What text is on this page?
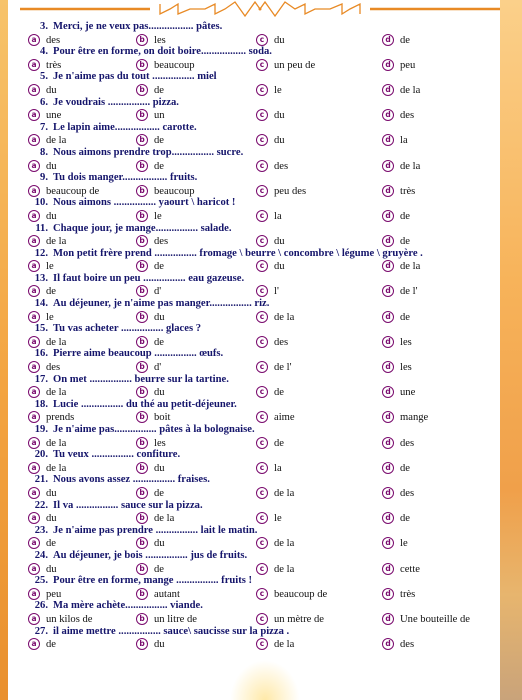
3. Merci, je ne veux pas................. pâtes.
a des	b les	c du	d de
4. Pour être en forme, on doit boire................. soda.
a très	b beaucoup	c un peu de	d peu
5. Je n'aime pas du tout ................ miel
a du	b de	c le	d de la
6. Je voudrais ................ pizza.
a une	b un	c du	d des
7. Le lapin aime................. carotte.
a de la	b de	c du	d la
8. Nous aimons prendre trop................ sucre.
a du	b de	c des	d de la
9. Tu dois manger................. fruits.
a beaucoup de	b beaucoup	c peu des	d très
10. Nous aimons ................ yaourt \ haricot !
a du	b le	c la	d de
11. Chaque jour, je mange................ salade.
a de la	b des	c du	d de
12. Mon petit frère prend ................ fromage \ beurre \ concombre \ légume \ gruyère .
a le	b de	c du	d de la
13. Il faut boire un peu ................ eau gazeuse.
a de	b d'	c l'	d de l'
14. Au déjeuner, je n'aime pas manger................ riz.
a le	b du	c de la	d de
15. Tu vas acheter ................ glaces ?
a de la	b de	c des	d les
16. Pierre aime beaucoup ................ œufs.
a des	b d'	c de l'	d les
17. On met ................ beurre sur la tartine.
a de la	b du	c de	d une
18. Lucie ................ du thé au petit-déjeuner.
a prends	b boit	c aime	d mange
19. Je n'aime pas................ pâtes à la bolognaise.
a de la	b les	c de	d des
20. Tu veux ................ confiture.
a de la	b du	c la	d de
21. Nous avons assez ................ fraises.
a du	b de	c de la	d des
22. Il va ................ sauce sur la pizza.
a du	b de la	c le	d de
23. Je n'aime pas prendre ................ lait le matin.
a de	b du	c de la	d le
24. Au déjeuner, je bois ................ jus de fruits.
a du	b de	c de la	d cette
25. Pour être en forme, mange ................ fruits !
a peu	b autant	c beaucoup de	d très
26. Ma mère achète................ viande.
a un kilos de	b un litre de	c un mètre de	d Une bouteille de
27. il aime mettre ................ sauce\ saucisse sur la pizza .
a de	b du	c de la	d des
